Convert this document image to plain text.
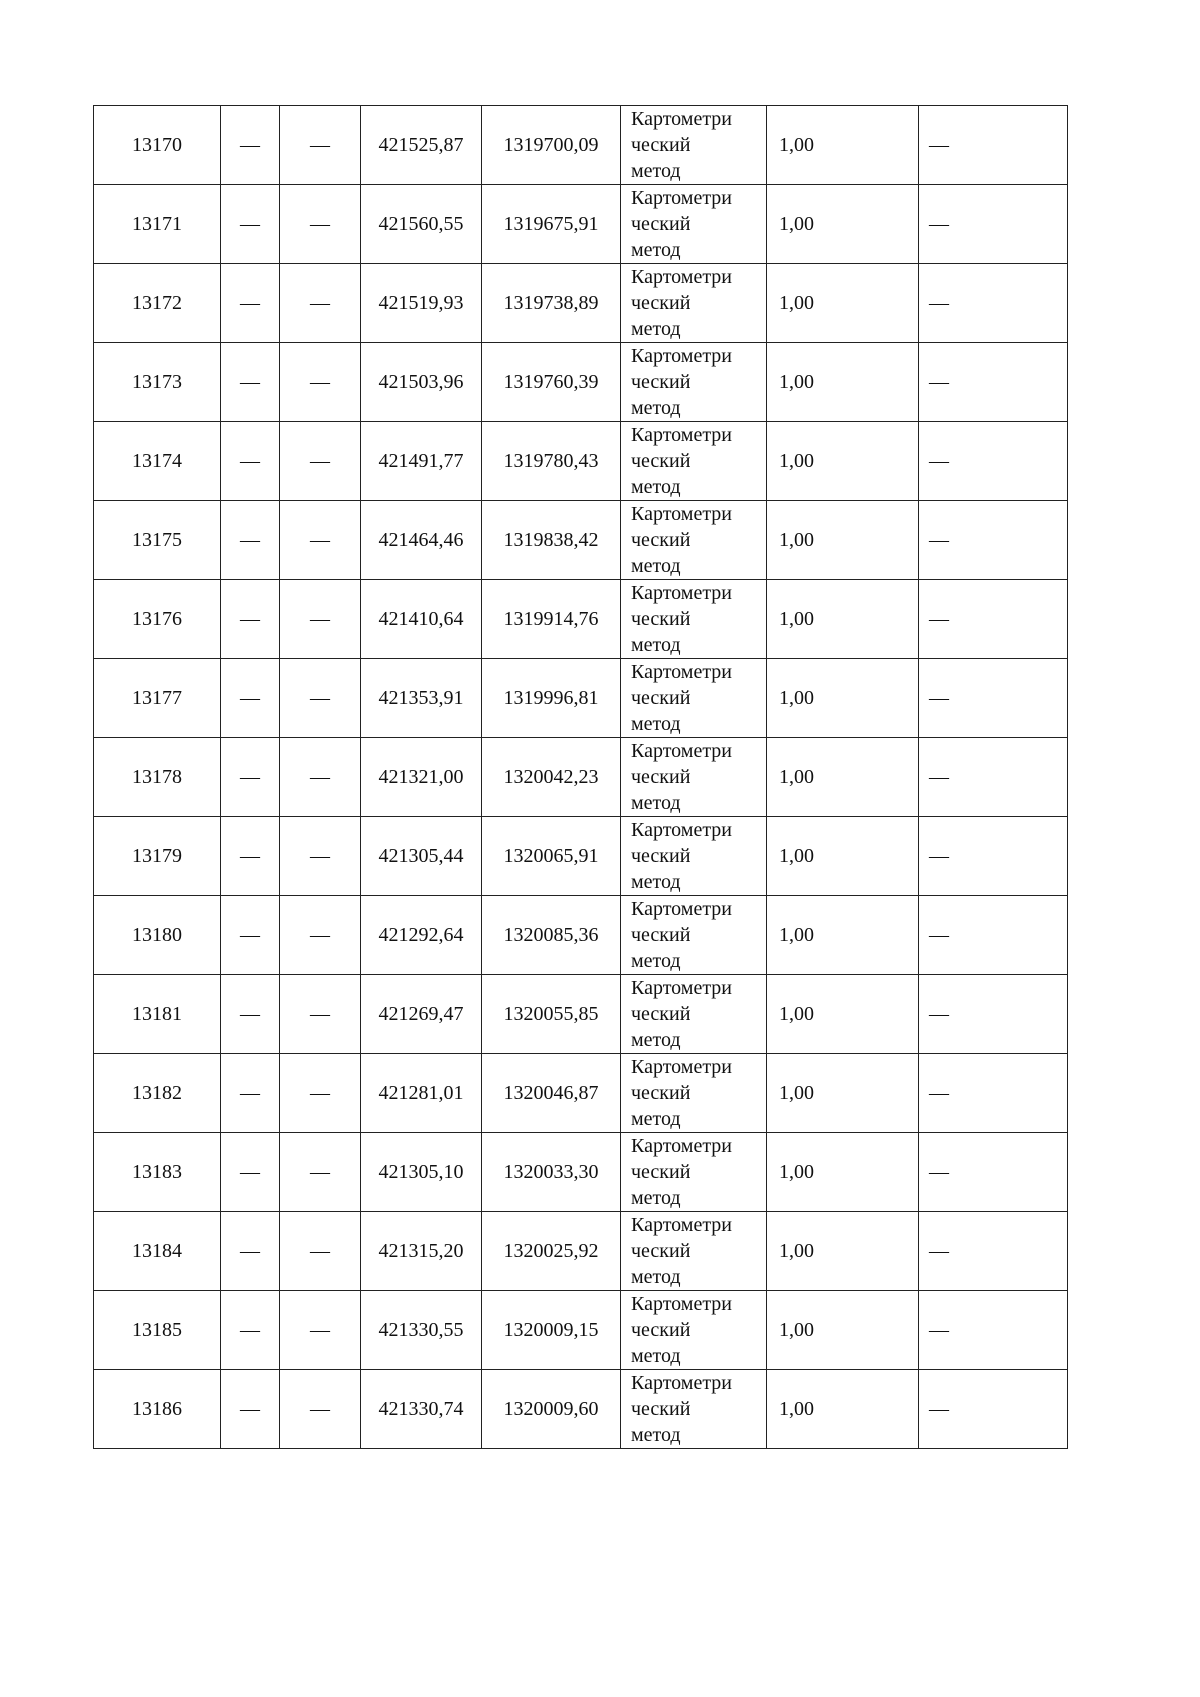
13170	—	—	421525,87	1319700,09	Картометри
ческий
метод	1,00	—
13171	—	—	421560,55	1319675,91	Картометри
ческий
метод	1,00	—
13172	—	—	421519,93	1319738,89	Картометри
ческий
метод	1,00	—
13173	—	—	421503,96	1319760,39	Картометри
ческий
метод	1,00	—
13174	—	—	421491,77	1319780,43	Картометри
ческий
метод	1,00	—
13175	—	—	421464,46	1319838,42	Картометри
ческий
метод	1,00	—
13176	—	—	421410,64	1319914,76	Картометри
ческий
метод	1,00	—
13177	—	—	421353,91	1319996,81	Картометри
ческий
метод	1,00	—
13178	—	—	421321,00	1320042,23	Картометри
ческий
метод	1,00	—
13179	—	—	421305,44	1320065,91	Картометри
ческий
метод	1,00	—
13180	—	—	421292,64	1320085,36	Картометри
ческий
метод	1,00	—
13181	—	—	421269,47	1320055,85	Картометри
ческий
метод	1,00	—
13182	—	—	421281,01	1320046,87	Картометри
ческий
метод	1,00	—
13183	—	—	421305,10	1320033,30	Картометри
ческий
метод	1,00	—
13184	—	—	421315,20	1320025,92	Картометри
ческий
метод	1,00	—
13185	—	—	421330,55	1320009,15	Картометри
ческий
метод	1,00	—
13186	—	—	421330,74	1320009,60	Картометри
ческий
метод	1,00	—
